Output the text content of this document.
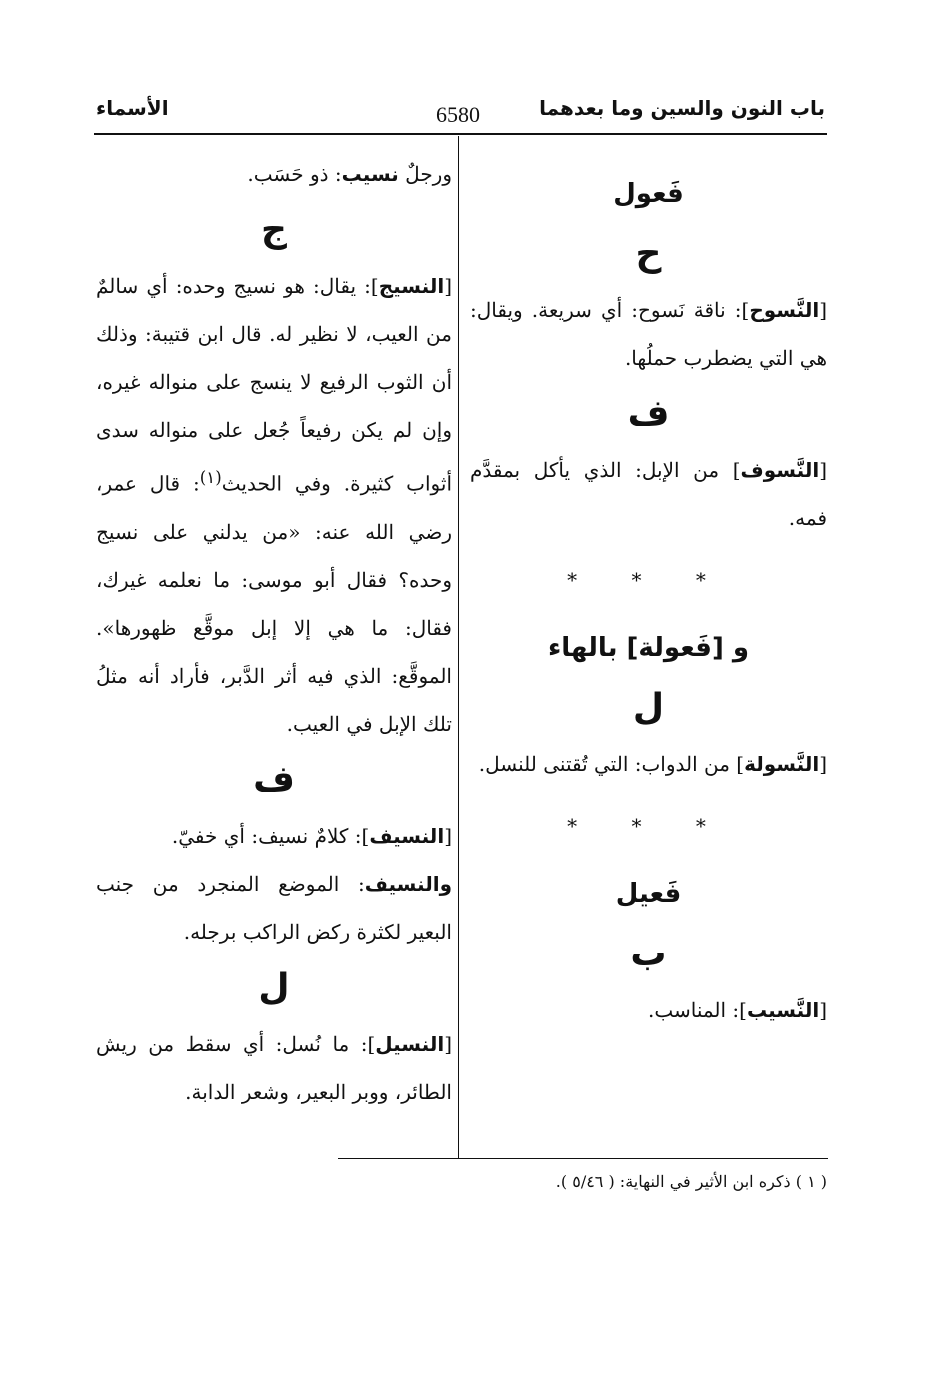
باب النون والسين وما بعدهما
6580
الأسماء
فَعول
ح

[النَّسوح]: ناقة نَسوح: أي سريعة. ويقال: هي التي يضطرب حملُها.

ف

[النَّسوف] من الإبل: الذي يأكل بمقدَّم فمه.

* * *
و [فَعولة] بالهاء
ل

[النَّسولة] من الدواب: التي تُقتنى للنسل.

* * *
فَعيل
ب

[النَّسيب]: المناسب.

ورجلٌ نسيب: ذو حَسَب.

ج

[النسيج]: يقال: هو نسيج وحده: أي سالمٌ من العيب، لا نظير له. قال ابن قتيبة: وذلك أن الثوب الرفيع لا ينسج على منواله غيره، وإن لم يكن رفيعاً جُعل على منواله سدى أثواب كثيرة. وفي الحديث$^{(١)}$: قال عمر، رضي الله عنه: «من يدلني على نسيج وحده؟ فقال أبو موسى: ما نعلمه غيرك، فقال: ما هي إلا إبل موقَّع ظهورها». الموقَّع: الذي فيه أثر الدَّبر، فأراد أنه مثلُ تلك الإبل في العيب.

ف

[النسيف]: كلامٌ نسيف: أي خفيّ.

والنسيف: الموضع المنجرد من جنب البعير لكثرة ركض الراكب برجله.

ل

[النسيل]: ما نُسل: أي سقط من ريش الطائر، ووبر البعير، وشعر الدابة.

( ١ ) ذكره ابن الأثير في النهاية: ( ٥/٤٦ ).
